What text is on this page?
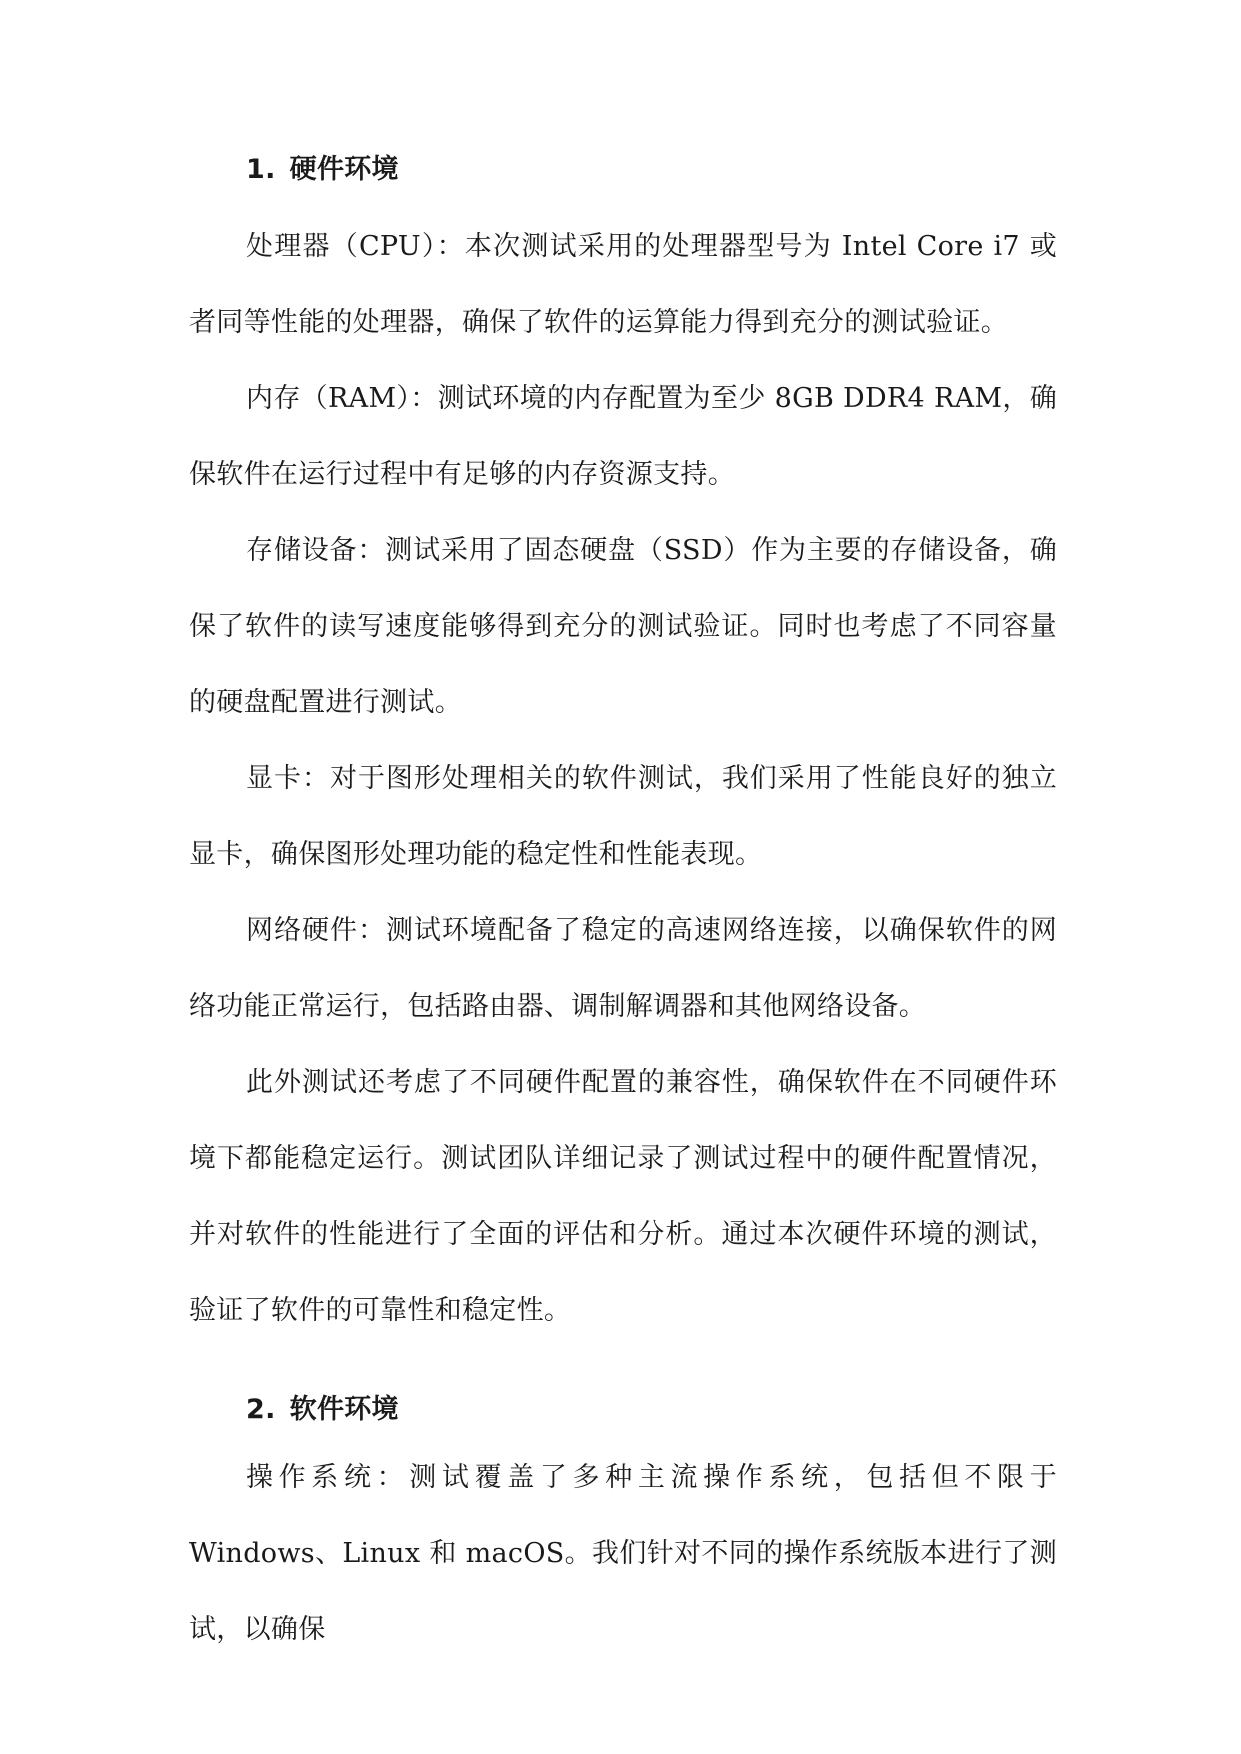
1. 硬件环境

处理器（CPU）：本次测试采用的处理器型号为 Intel Core i7 或者同等性能的处理器，确保了软件的运算能力得到充分的测试验证。

内存（RAM）：测试环境的内存配置为至少 8GB DDR4 RAM，确保软件在运行过程中有足够的内存资源支持。

存储设备：测试采用了固态硬盘（SSD）作为主要的存储设备，确保了软件的读写速度能够得到充分的测试验证。同时也考虑了不同容量的硬盘配置进行测试。

显卡：对于图形处理相关的软件测试，我们采用了性能良好的独立显卡，确保图形处理功能的稳定性和性能表现。

网络硬件：测试环境配备了稳定的高速网络连接，以确保软件的网络功能正常运行，包括路由器、调制解调器和其他网络设备。

此外测试还考虑了不同硬件配置的兼容性，确保软件在不同硬件环境下都能稳定运行。测试团队详细记录了测试过程中的硬件配置情况，并对软件的性能进行了全面的评估和分析。通过本次硬件环境的测试，验证了软件的可靠性和稳定性。

2. 软件环境

操作系统：测试覆盖了多种主流操作系统，包括但不限于 Windows、Linux 和 macOS。我们针对不同的操作系统版本进行了测试，以确保
